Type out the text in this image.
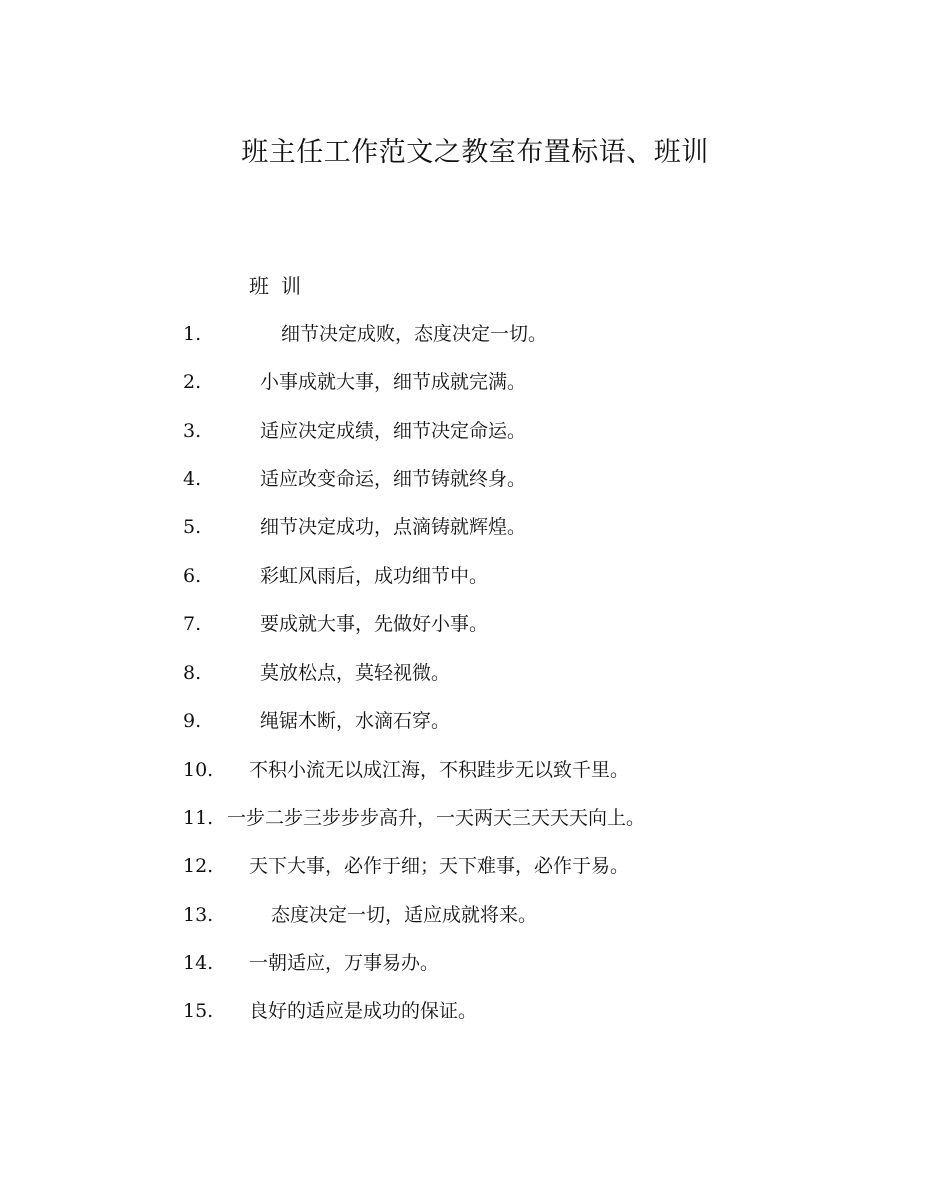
班主任工作范文之教室布置标语、班训
班训
1.	细节决定成败，态度决定一切。
2.	小事成就大事，细节成就完满。
3.	适应决定成绩，细节决定命运。
4.	适应改变命运，细节铸就终身。
5.	细节决定成功，点滴铸就辉煌。
6.	彩虹风雨后，成功细节中。
7.	要成就大事，先做好小事。
8.	莫放松点，莫轻视微。
9.	绳锯木断，水滴石穿。
10. 不积小流无以成江海，不积跬步无以致千里。
11. 一步二步三步步步高升，一天两天三天天天向上。
12. 天下大事，必作于细；天下难事，必作于易。
13.	态度决定一切，适应成就将来。
14. 一朝适应，万事易办。
15. 良好的适应是成功的保证。
